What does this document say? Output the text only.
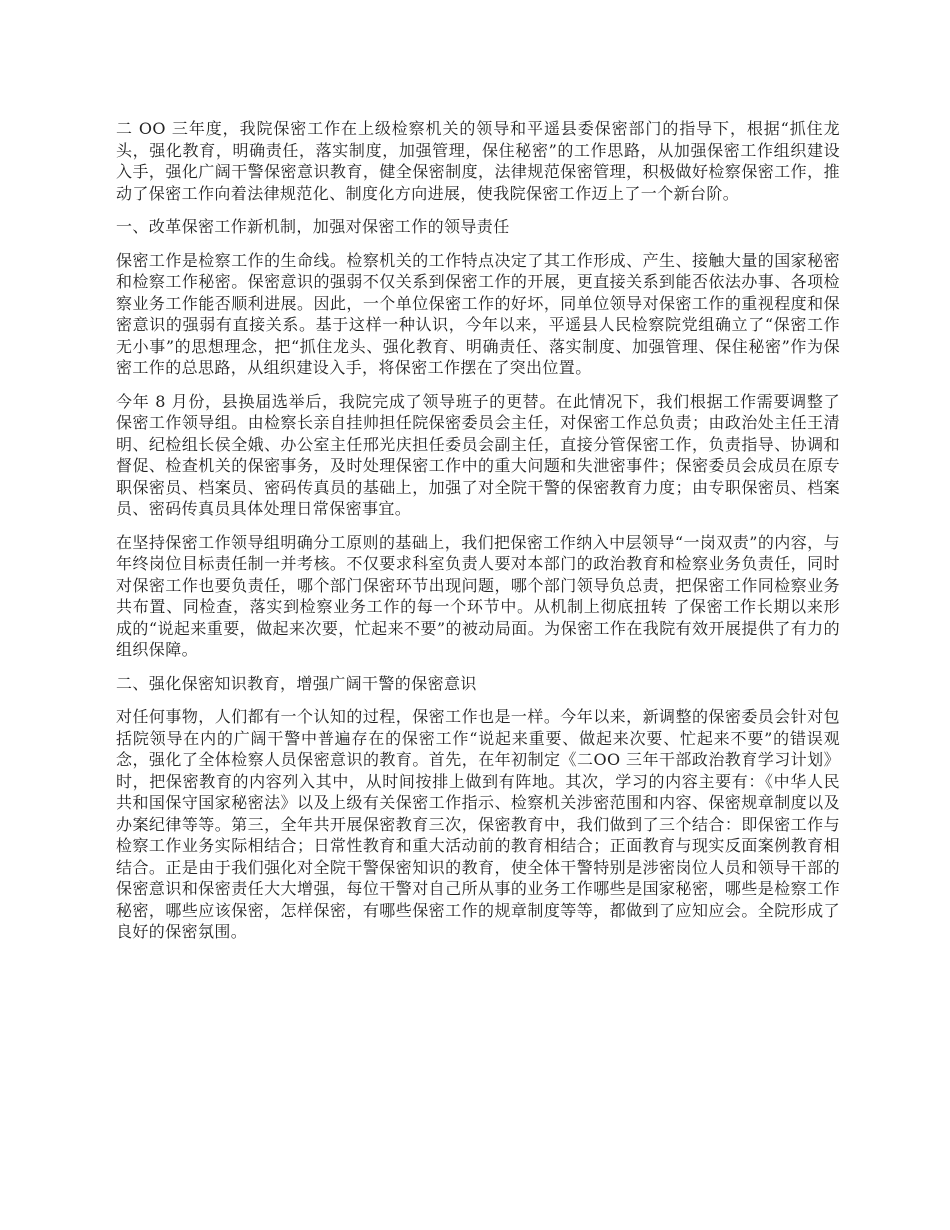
二 OO 三年度，我院保密工作在上级检察机关的领导和平遥县委保密部门的指导下，根据“抓住龙头，强化教育，明确责任，落实制度，加强管理，保住秘密”的工作思路，从加强保密工作组织建设入手，强化广阔干警保密意识教育，健全保密制度，法律规范保密管理，积极做好检察保密工作，推动了保密工作向着法律规范化、制度化方向进展，使我院保密工作迈上了一个新台阶。

一、改革保密工作新机制，加强对保密工作的领导责任

保密工作是检察工作的生命线。检察机关的工作特点决定了其工作形成、产生、接触大量的国家秘密和检察工作秘密。保密意识的强弱不仅关系到保密工作的开展，更直接关系到能否依法办事、各项检察业务工作能否顺利进展。因此，一个单位保密工作的好坏，同单位领导对保密工作的重视程度和保密意识的强弱有直接关系。基于这样一种认识，今年以来，平遥县人民检察院党组确立了“保密工作无小事”的思想理念，把“抓住龙头、强化教育、明确责任、落实制度、加强管理、保住秘密”作为保密工作的总思路，从组织建设入手，将保密工作摆在了突出位置。

今年 8 月份，县换届选举后，我院完成了领导班子的更替。在此情况下，我们根据工作需要调整了保密工作领导组。由检察长亲自挂帅担任院保密委员会主任，对保密工作总负责；由政治处主任王清明、纪检组长侯全娥、办公室主任邢光庆担任委员会副主任，直接分管保密工作，负责指导、协调和督促、检查机关的保密事务，及时处理保密工作中的重大问题和失泄密事件；保密委员会成员在原专职保密员、档案员、密码传真员的基础上，加强了对全院干警的保密教育力度；由专职保密员、档案员、密码传真员具体处理日常保密事宜。

在坚持保密工作领导组明确分工原则的基础上，我们把保密工作纳入中层领导“一岗双责”的内容，与年终岗位目标责任制一并考核。不仅要求科室负责人要对本部门的政治教育和检察业务负责任，同时对保密工作也要负责任，哪个部门保密环节出现问题，哪个部门领导负总责，把保密工作同检察业务共布置、同检查，落实到检察业务工作的每一个环节中。从机制上彻底扭转 了保密工作长期以来形成的“说起来重要，做起来次要，忙起来不要”的被动局面。为保密工作在我院有效开展提供了有力的组织保障。

二、强化保密知识教育，增强广阔干警的保密意识

对任何事物，人们都有一个认知的过程，保密工作也是一样。今年以来，新调整的保密委员会针对包括院领导在内的广阔干警中普遍存在的保密工作“说起来重要、做起来次要、忙起来不要”的错误观念，强化了全体检察人员保密意识的教育。首先，在年初制定《二OO 三年干部政治教育学习计划》时，把保密教育的内容列入其中，从时间按排上做到有阵地。其次，学习的内容主要有：《中华人民共和国保守国家秘密法》以及上级有关保密工作指示、检察机关涉密范围和内容、保密规章制度以及办案纪律等等。第三，全年共开展保密教育三次，保密教育中，我们做到了三个结合：即保密工作与检察工作业务实际相结合；日常性教育和重大活动前的教育相结合；正面教育与现实反面案例教育相结合。正是由于我们强化对全院干警保密知识的教育，使全体干警特别是涉密岗位人员和领导干部的保密意识和保密责任大大增强，每位干警对自己所从事的业务工作哪些是国家秘密，哪些是检察工作秘密，哪些应该保密，怎样保密，有哪些保密工作的规章制度等等，都做到了应知应会。全院形成了良好的保密氛围。
